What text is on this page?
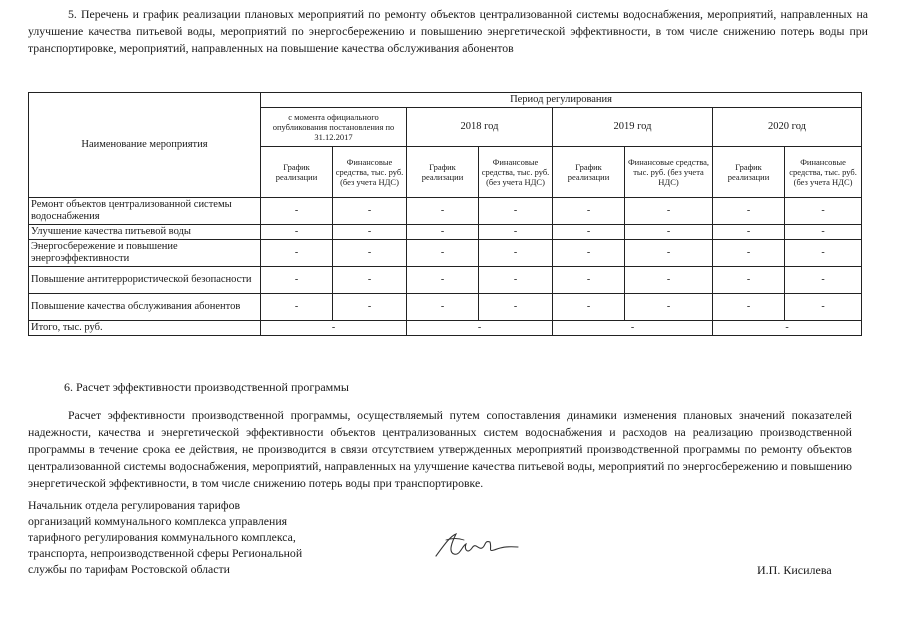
5. Перечень и график реализации плановых мероприятий по ремонту объектов централизованной системы водоснабжения, мероприятий, направленных на улучшение качества питьевой воды, мероприятий по энергосбережению и повышению энергетической эффективности, в том числе снижению потерь воды при транспортировке, мероприятий, направленных на повышение качества обслуживания абонентов
Наименование мероприятия	Период регулирования							
	с момента официального опубликования постановления по 31.12.2017		2018 год		2019 год		2020 год	
	График реализации	Финансовые средства, тыс. руб. (без учета НДС)	График реализации	Финансовые средства, тыс. руб. (без учета НДС)	График реализации	Финансовые средства, тыс. руб. (без учета НДС)	График реализации	Финансовые средства, тыс. руб. (без учета НДС)
Ремонт объектов централизованной системы водоснабжения	-	-	-	-	-	-	-	-
Улучшение качества питьевой воды	-	-	-	-	-	-	-	-
Энергосбережение и повышение энергоэффективности	-	-	-	-	-	-	-	-
Повышение антитеррористической безопасности	-	-	-	-	-	-	-	-
Повышение качества обслуживания абонентов	-	-	-	-	-	-	-	-
Итого, тыс. руб.	-		-		-		-	
6. Расчет эффективности производственной программы
Расчет эффективности производственной программы, осуществляемый путем сопоставления динамики изменения плановых значений показателей надежности, качества и энергетической эффективности объектов централизованных систем водоснабжения и расходов на реализацию производственной программы в течение срока ее действия, не производится в связи отсутствием утвержденных мероприятий производственной программы по ремонту объектов централизованной системы водоснабжения, мероприятий, направленных на улучшение качества питьевой воды, мероприятий по энергосбережению и повышению энергетической эффективности, в том числе снижению потерь воды при транспортировке.
Начальник отдела регулирования тарифов
организаций коммунального комплекса управления
тарифного регулирования коммунального комплекса,
транспорта, непроизводственной сферы Региональной
службы по тарифам Ростовской области	И.П. Кисилева
